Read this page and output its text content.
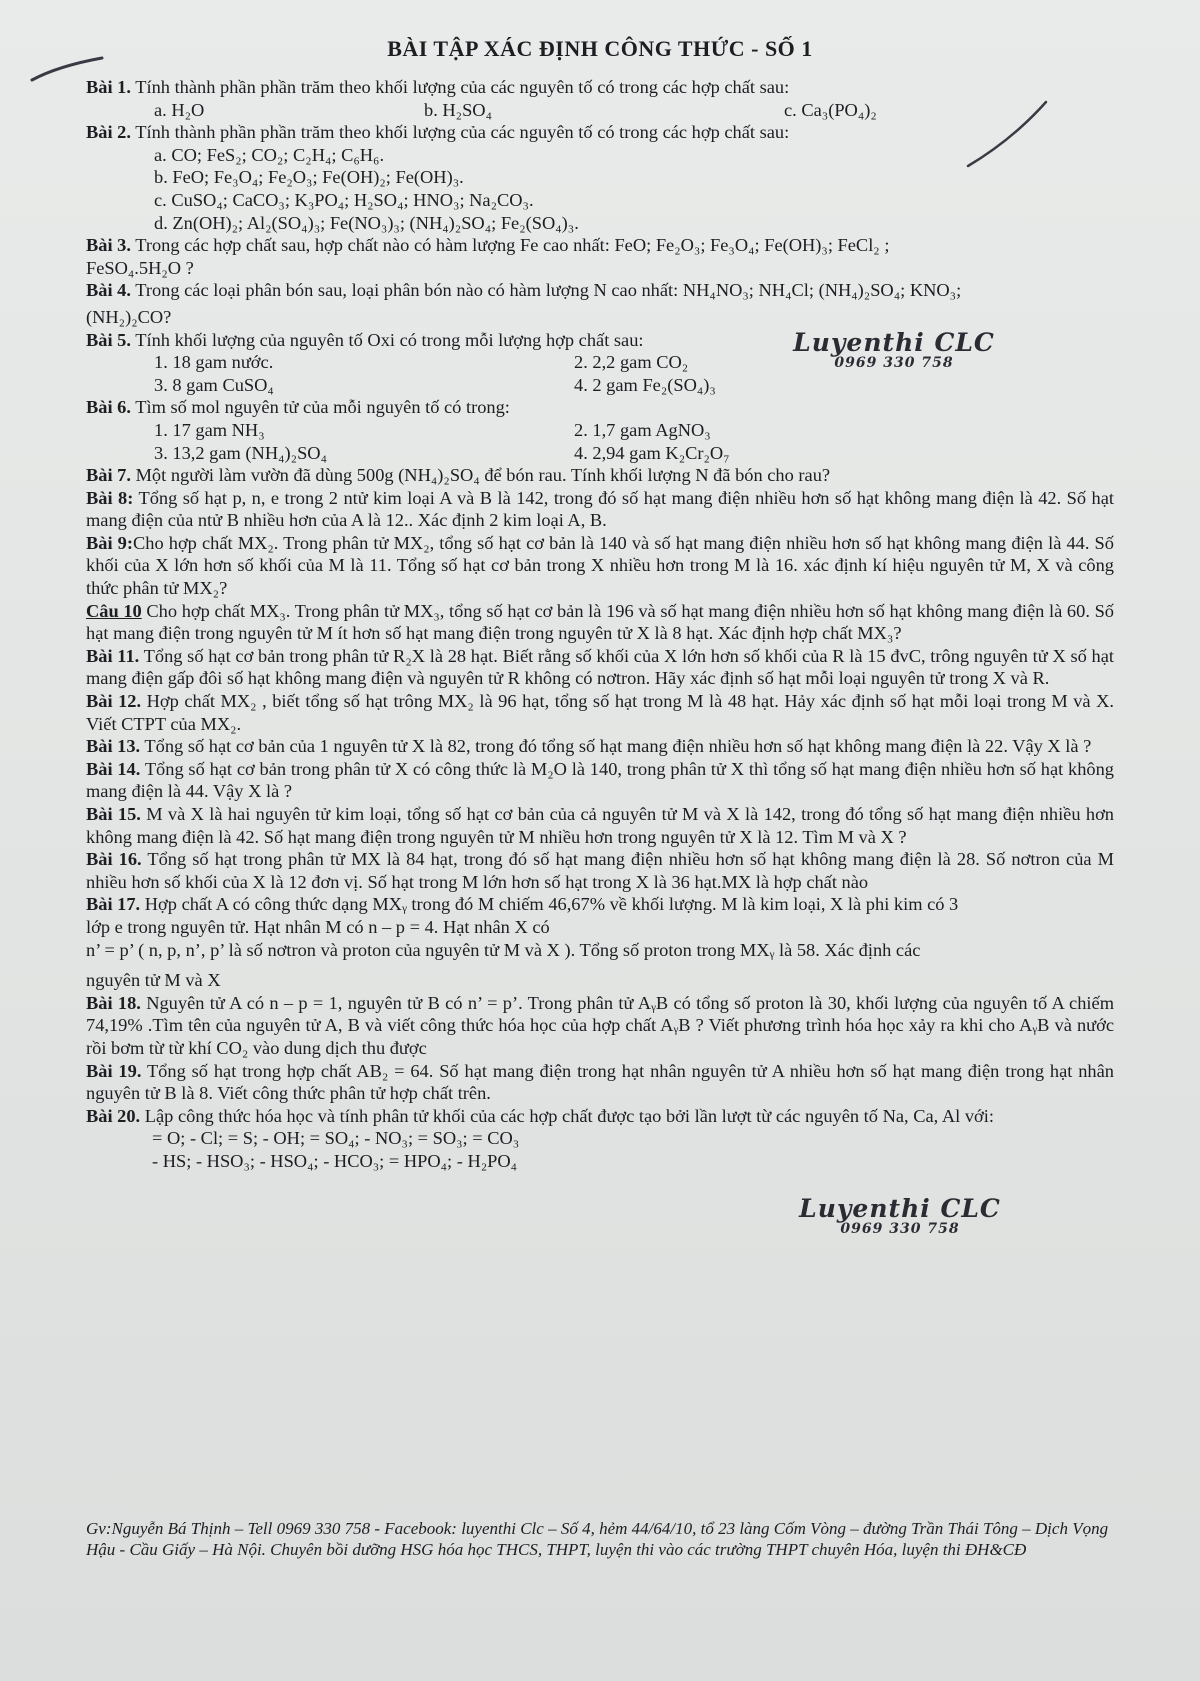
BÀI TẬP XÁC ĐỊNH CÔNG THỨC - SỐ 1

Bài 1. Tính thành phần phần trăm theo khối lượng của các nguyên tố có trong các hợp chất sau:

a. H₂O	b. H₂SO₄	c. Ca₃(PO₄)₂

Bài 2. Tính thành phần phần trăm theo khối lượng của các nguyên tố có trong các hợp chất sau:

a. CO; FeS₂; CO₂; C₂H₄; C₆H₆.
b. FeO; Fe₃O₄; Fe₂O₃; Fe(OH)₂; Fe(OH)₃.
c. CuSO₄; CaCO₃; K₃PO₄; H₂SO₄; HNO₃; Na₂CO₃.
d. Zn(OH)₂; Al₂(SO₄)₃; Fe(NO₃)₃; (NH₄)₂SO₄; Fe₂(SO₄)₃.

Bài 3. Trong các hợp chất sau, hợp chất nào có hàm lượng Fe cao nhất: FeO; Fe₂O₃; Fe₃O₄; Fe(OH)₃; FeCl₂ ;

FeSO₄.5H₂O ?

Bài 4. Trong các loại phân bón sau, loại phân bón nào có hàm lượng N cao nhất: NH₄NO₃; NH₄Cl; (NH₄)₂SO₄; KNO₃;

(NH₂)₂CO?

Bài 5. Tính khối lượng của nguyên tố Oxi có trong mỗi lượng hợp chất sau:

1. 18 gam nước.	2. 2,2 gam CO₂
3. 8 gam CuSO₄	4. 2 gam Fe₂(SO₄)₃

Bài 6. Tìm số mol nguyên tử của mỗi nguyên tố có trong:

1. 17 gam NH₃	2. 1,7 gam AgNO₃
3. 13,2 gam (NH₄)₂SO₄	4. 2,94 gam K₂Cr₂O₇

Bài 7. Một người làm vườn đã dùng 500g (NH₄)₂SO₄ để bón rau. Tính khối lượng N đã bón cho rau?

Bài 8: Tổng số hạt p, n, e trong 2 ntử kim loại A và B là 142, trong đó số hạt mang điện nhiều hơn số hạt không mang điện là 42. Số hạt mang điện của ntử B nhiều hơn của A là 12.. Xác định 2 kim loại A, B.

Bài 9:Cho hợp chất MX₂. Trong phân tử MX₂, tổng số hạt cơ bản là 140 và số hạt mang điện nhiều hơn số hạt không mang điện là 44. Số khối của X lớn hơn số khối của M là 11. Tổng số hạt cơ bản trong X nhiều hơn trong M là 16. xác định kí hiệu nguyên tử M, X và công thức phân tử MX₂?

Câu 10 Cho hợp chất MX₃. Trong phân tử MX₃, tổng số hạt cơ bản là 196 và số hạt mang điện nhiều hơn số hạt không mang điện là 60. Số hạt mang điện trong nguyên tử M ít hơn số hạt mang điện trong nguyên tử X là 8 hạt. Xác định hợp chất MX₃?

Bài 11. Tổng số hạt cơ bản trong phân tử R₂X là 28 hạt. Biết rằng số khối của X lớn hơn số khối của R là 15 đvC, trông nguyên tử X số hạt mang điện gấp đôi số hạt không mang điện và nguyên tử R không có nơtron. Hãy xác định số hạt mỗi loại nguyên tử trong X và R.

Bài 12. Hợp chất MX₂ , biết tổng số hạt trông MX₂ là 96 hạt, tổng số hạt trong M là 48 hạt. Hảy xác định số hạt mỗi loại trong M và X. Viết CTPT của MX₂.

Bài 13. Tổng số hạt cơ bản của 1 nguyên tử X là 82, trong đó tổng số hạt mang điện nhiều hơn số hạt không mang điện là 22. Vậy X là ?

Bài 14. Tổng số hạt cơ bản trong phân tử X có công thức là M₂O là 140, trong phân tử X thì tổng số hạt mang điện nhiều hơn số hạt không mang điện là 44. Vậy X là ?

Bài 15. M và X là hai nguyên tử kim loại, tổng số hạt cơ bản của cả nguyên tử M và X là 142, trong đó tổng số hạt mang điện nhiều hơn không mang điện là 42. Số hạt mang điện trong nguyên tử M nhiều hơn trong nguyên tử X là 12. Tìm M và X ?

Bài 16. Tổng số hạt trong phân tử MX là 84 hạt, trong đó số hạt mang điện nhiều hơn số hạt không mang điện là 28. Số nơtron của M nhiều hơn số khối của X là 12 đơn vị. Số hạt trong M lớn hơn số hạt trong X là 36 hạt.MX là hợp chất nào

Bài 17. Hợp chất A có công thức dạng MXᵧ trong đó M chiếm 46,67% về khối lượng. M là kim loại, X là phi kim có 3

lớp e trong nguyên tử. Hạt nhân M có n – p = 4. Hạt nhân X có
n’ = p’ ( n, p, n’, p’ là số nơtron và proton của nguyên tử M và X ). Tổng số proton trong MXᵧ là 58. Xác định các
nguyên tử M và X

Bài 18. Nguyên tử A có n – p = 1, nguyên tử B có n’ = p’. Trong phân tử AᵧB có tổng số proton là 30, khối lượng của nguyên tố A chiếm 74,19% .Tìm tên của nguyên tử A, B và viết công thức hóa học của hợp chất AᵧB ? Viết phương trình hóa học xảy ra khi cho AᵧB và nước rồi bơm từ từ khí CO₂ vào dung dịch thu được

Bài 19. Tổng số hạt trong hợp chất AB₂ = 64. Số hạt mang điện trong hạt nhân nguyên tử A nhiều hơn số hạt mang điện trong hạt nhân nguyên tử B là 8. Viết công thức phân tử hợp chất trên.

Bài 20. Lập công thức hóa học và tính phân tử khối của các hợp chất được tạo bởi lần lượt từ các nguyên tố Na, Ca, Al với:

= O; - Cl; = S; - OH; = SO₄; - NO₃; = SO₃; = CO₃
- HS; - HSO₃; - HSO₄; - HCO₃; = HPO₄; - H₂PO₄
Luyenthi CLC
0969 330 758
Luyenthi CLC
0969 330 758
Gv:Nguyễn Bá Thịnh – Tell 0969 330 758 - Facebook: luyenthi Clc – Số 4, hẻm 44/64/10, tổ 23 làng Cốm Vòng – đường Trần Thái Tông – Dịch Vọng Hậu - Cầu Giấy – Hà Nội. Chuyên bồi dưỡng HSG hóa học THCS, THPT, luyện thi vào các trường THPT chuyên Hóa, luyện thi ĐH&CĐ
